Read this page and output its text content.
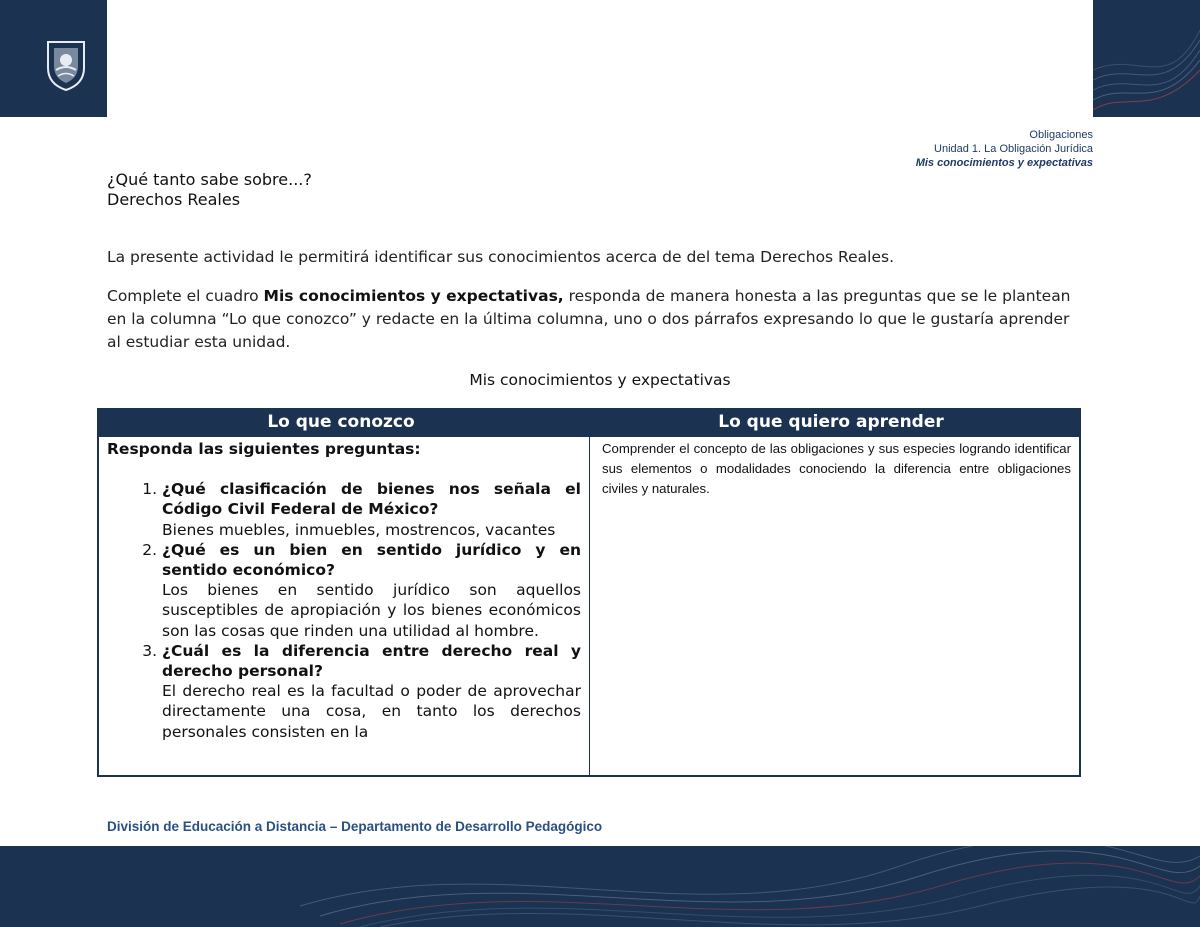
Obligaciones
Unidad 1. La Obligación Jurídica
Mis conocimientos y expectativas
¿Qué tanto sabe sobre...?
Derechos Reales
La presente actividad le permitirá identificar sus conocimientos acerca de del tema Derechos Reales.
Complete el cuadro Mis conocimientos y expectativas, responda de manera honesta a las preguntas que se le plantean en la columna “Lo que conozco” y redacte en la última columna, uno o dos párrafos expresando lo que le gustaría aprender al estudiar esta unidad.
Mis conocimientos y expectativas
Lo que conozco	Lo que quiero aprender
Responda las siguientes preguntas:
1. ¿Qué clasificación de bienes nos señala el Código Civil Federal de México?
Bienes muebles, inmuebles, mostrencos, vacantes
2. ¿Qué es un bien en sentido jurídico y en sentido económico?
Los bienes en sentido jurídico son aquellos susceptibles de apropiación y los bienes económicos son las cosas que rinden una utilidad al hombre.
3. ¿Cuál es la diferencia entre derecho real y derecho personal?
El derecho real es la facultad o poder de aprovechar directamente una cosa, en tanto los derechos personales consisten en la
Comprender el concepto de las obligaciones y sus especies logrando identificar sus elementos o modalidades conociendo la diferencia entre obligaciones civiles y naturales.
División de Educación a Distancia – Departamento de Desarrollo Pedagógico
